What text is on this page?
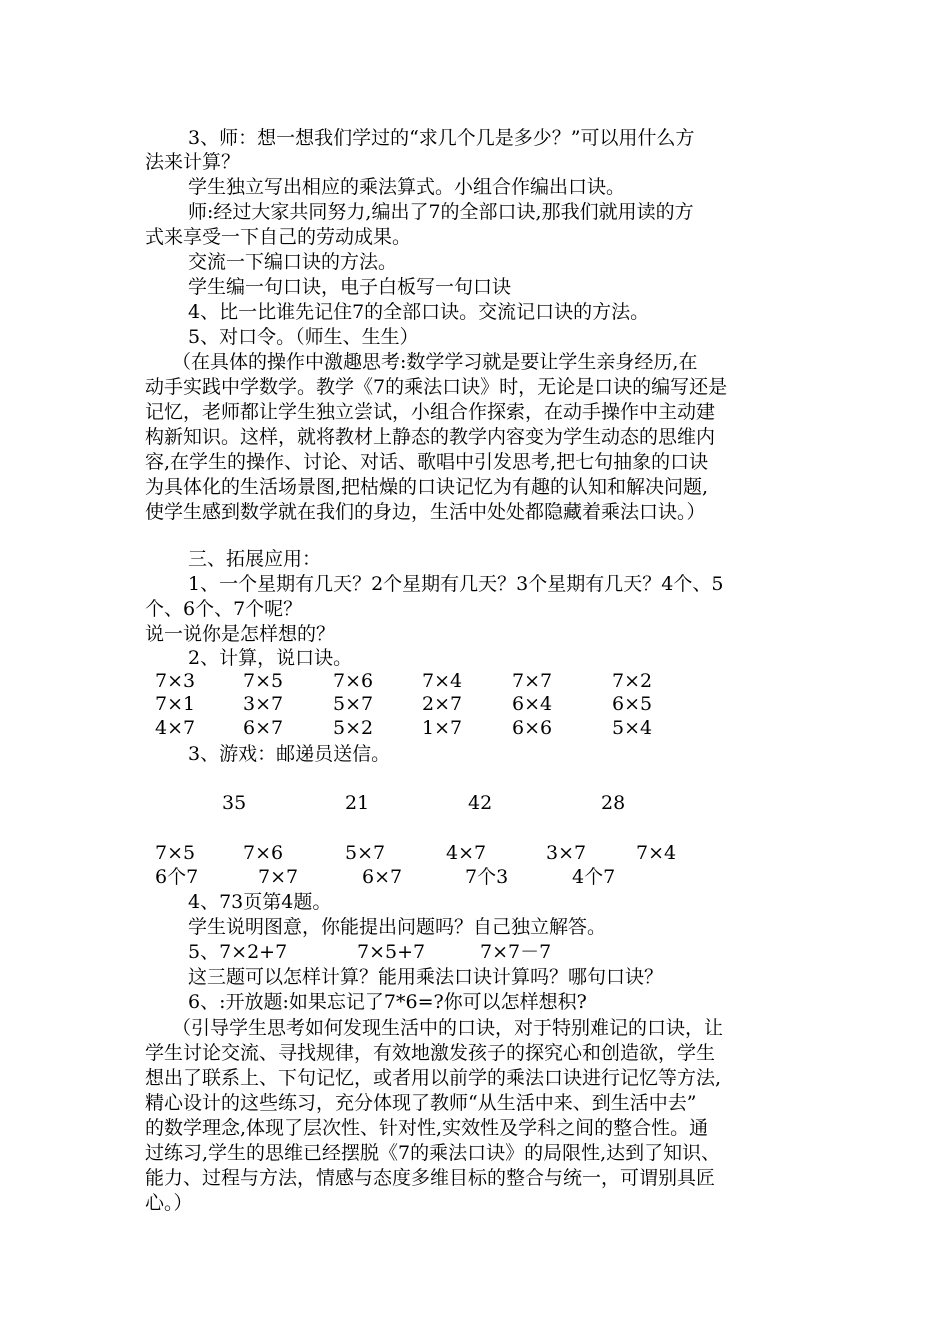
3、师：想一想我们学过的“求几个几是多少？”可以用什么方
法来计算？
学生独立写出相应的乘法算式。小组合作编出口诀。
师:经过大家共同努力,编出了7的全部口诀,那我们就用读的方
式来享受一下自己的劳动成果。
交流一下编口诀的方法。
学生编一句口诀，电子白板写一句口诀
4、比一比谁先记住7的全部口诀。交流记口诀的方法。
5、对口令。（师生、生生）
（在具体的操作中激趣思考:数学学习就是要让学生亲身经历,在
动手实践中学数学。教学《7的乘法口诀》时，无论是口诀的编写还是
记忆，老师都让学生独立尝试，小组合作探索，在动手操作中主动建
构新知识。这样，就将教材上静态的教学内容变为学生动态的思维内
容,在学生的操作、讨论、对话、歌唱中引发思考,把七句抽象的口诀
为具体化的生活场景图,把枯燥的口诀记忆为有趣的认知和解决问题,
使学生感到数学就在我们的身边，生活中处处都隐藏着乘法口诀。）
三、拓展应用：
1、一个星期有几天？2个星期有几天？3个星期有几天？4个、5
个、6个、7个呢？
说一说你是怎样想的？
2、计算，说口诀。
7×3	7×5	7×6	7×4	7×7	7×2
7×1	3×7	5×7	2×7	6×4	6×5
4×7	6×7	5×2	1×7	6×6	5×4
3、游戏：邮递员送信。
35	21	42	28
7×5	7×6	5×7	4×7	3×7	7×4
6个7	7×7	6×7	7个3	4个7
4、73页第4题。
学生说明图意，你能提出问题吗？自己独立解答。
5、7×2+7	7×5+7	7×7－7
这三题可以怎样计算？能用乘法口诀计算吗？哪句口诀？
6、:开放题:如果忘记了7*6=?你可以怎样想积?
（引导学生思考如何发现生活中的口诀，对于特别难记的口诀，让
学生讨论交流、寻找规律，有效地激发孩子的探究心和创造欲，学生
想出了联系上、下句记忆，或者用以前学的乘法口诀进行记忆等方法,
精心设计的这些练习，充分体现了教师“从生活中来、到生活中去”
的数学理念,体现了层次性、针对性,实效性及学科之间的整合性。通
过练习,学生的思维已经摆脱《7的乘法口诀》的局限性,达到了知识、
能力、过程与方法，情感与态度多维目标的整合与统一，可谓别具匠
心。）
